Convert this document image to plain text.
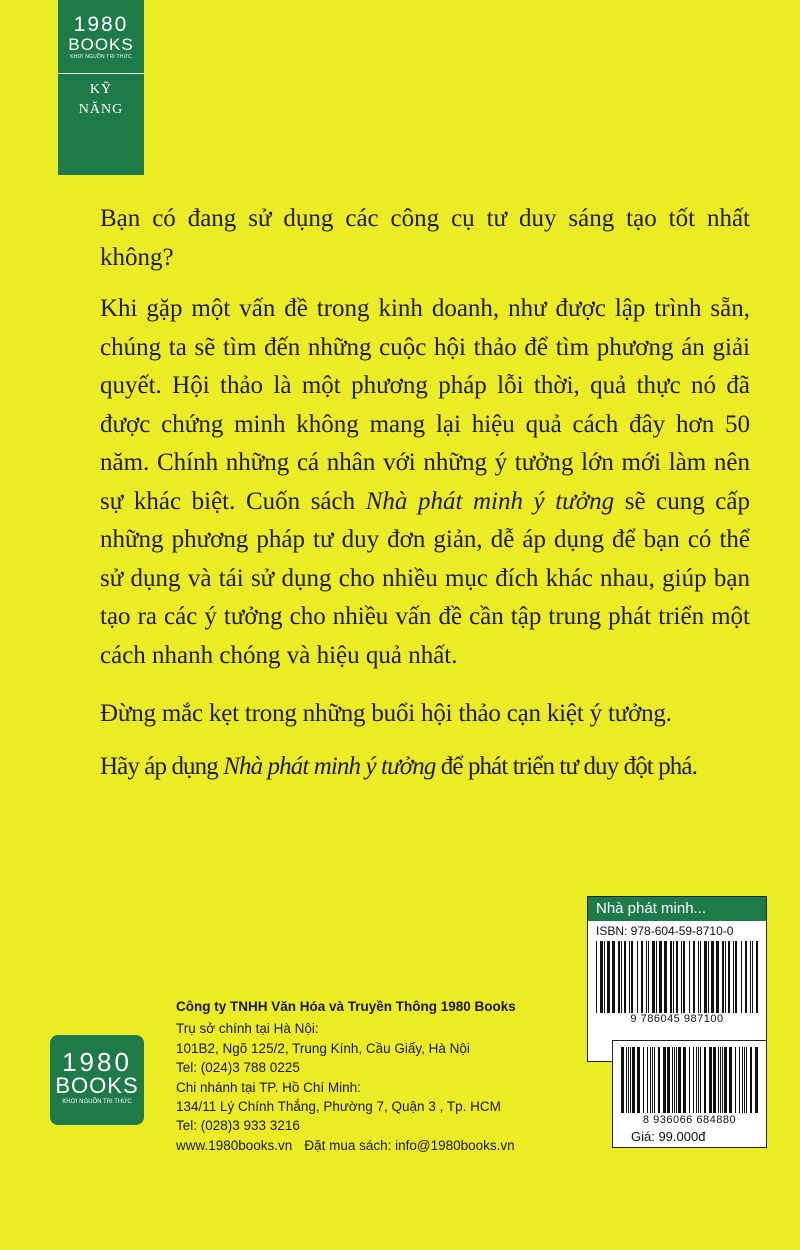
1980
BOOKS
KHƠI NGUỒN TRI THỨC
KỸ
NĂNG

Bạn có đang sử dụng các công cụ tư duy sáng tạo tốt nhất không?

Khi gặp một vấn đề trong kinh doanh, như được lập trình sẵn, chúng ta sẽ tìm đến những cuộc hội thảo để tìm phương án giải quyết. Hội thảo là một phương pháp lỗi thời, quả thực nó đã được chứng minh không mang lại hiệu quả cách đây hơn 50 năm. Chính những cá nhân với những ý tưởng lớn mới làm nên sự khác biệt. Cuốn sách Nhà phát minh ý tưởng sẽ cung cấp những phương pháp tư duy đơn giản, dễ áp dụng để bạn có thể sử dụng và tái sử dụng cho nhiều mục đích khác nhau, giúp bạn tạo ra các ý tưởng cho nhiều vấn đề cần tập trung phát triển một cách nhanh chóng và hiệu quả nhất.

Đừng mắc kẹt trong những buổi hội thảo cạn kiệt ý tưởng.

Hãy áp dụng Nhà phát minh ý tưởng để phát triển tư duy đột phá.

Nhà phát minh...
ISBN: 978-604-59-8710-0
9 786045 987100
8 936066 684880
Giá: 99.000đ
1980
BOOKS
KHƠI NGUỒN TRI THỨC
Công ty TNHH Văn Hóa và Truyền Thông 1980 Books
Trụ sở chính tại Hà Nội:
101B2, Ngõ 125/2, Trung Kính, Cầu Giấy, Hà Nội
Tel: (024)3 788 0225
Chi nhánh tại TP. Hồ Chí Minh:
134/11 Lý Chính Thắng, Phường 7, Quận 3 , Tp. HCM
Tel: (028)3 933 3216
www.1980books.vn Đặt mua sách: info@1980books.vn
